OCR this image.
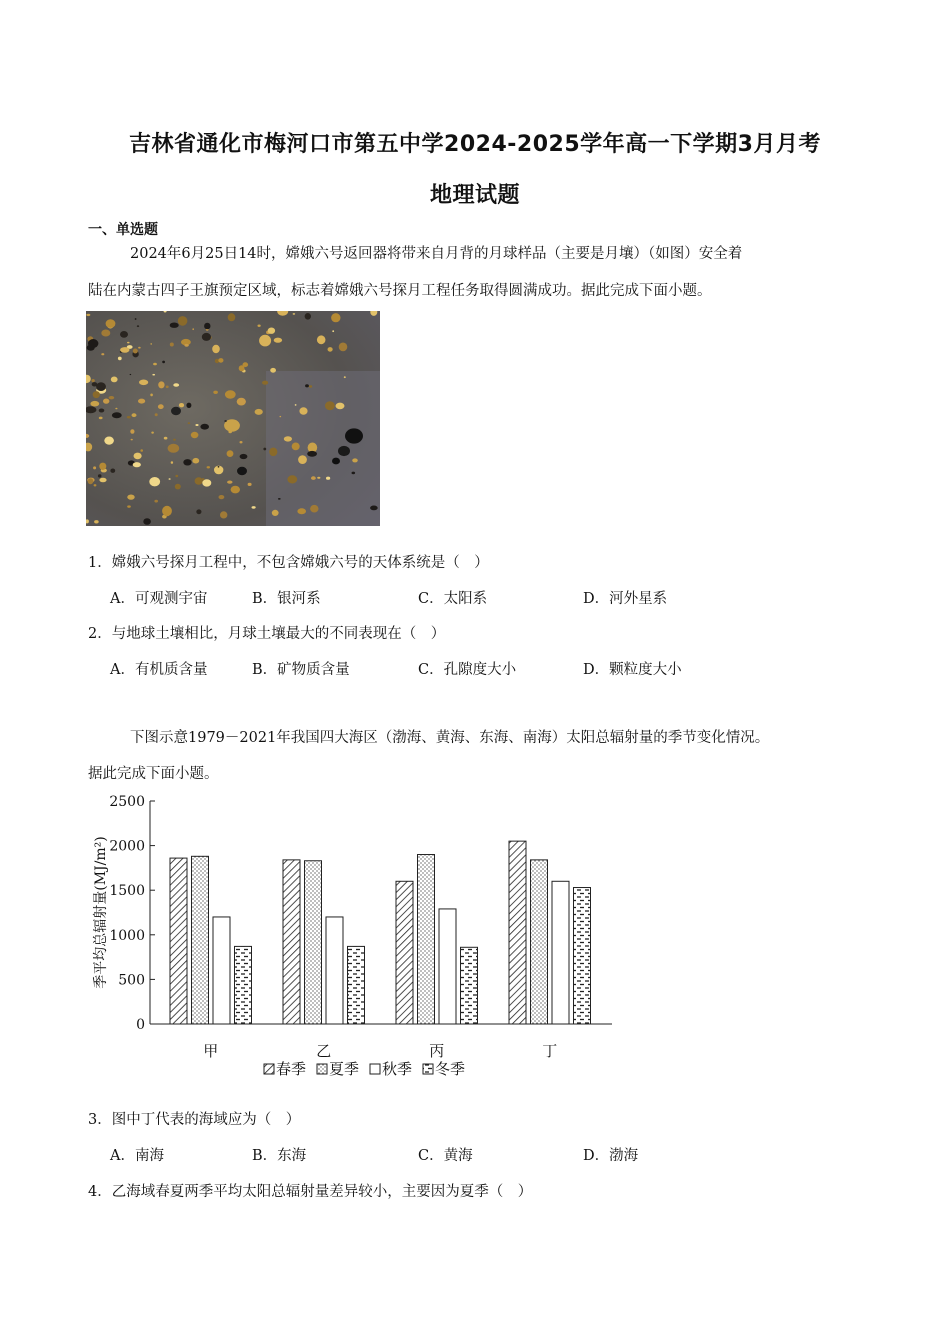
吉林省通化市梅河口市第五中学2024-2025学年高一下学期3月月考
地理试题
一、单选题
2024年6月25日14时，嫦娥六号返回器将带来自月背的月球样品（主要是月壤）（如图）安全着
陆在内蒙古四子王旗预定区域，标志着嫦娥六号探月工程任务取得圆满成功。据此完成下面小题。
1．嫦娥六号探月工程中，不包含嫦娥六号的天体系统是（　）
A．可观测宇宙	B．银河系	C．太阳系	D．河外星系
2．与地球土壤相比，月球土壤最大的不同表现在（　）
A．有机质含量	B．矿物质含量	C．孔隙度大小	D．颗粒度大小
下图示意1979－2021年我国四大海区（渤海、黄海、东海、南海）太阳总辐射量的季节变化情况。
据此完成下面小题。
0
500
1000
1500
2000
2500
季平均总辐射量(MJ/m²)
甲	乙	丙	丁
春季 夏季 秋季 冬季
3．图中丁代表的海域应为（　）
A．南海	B．东海	C．黄海	D．渤海
4．乙海域春夏两季平均太阳总辐射量差异较小，主要因为夏季（　）
